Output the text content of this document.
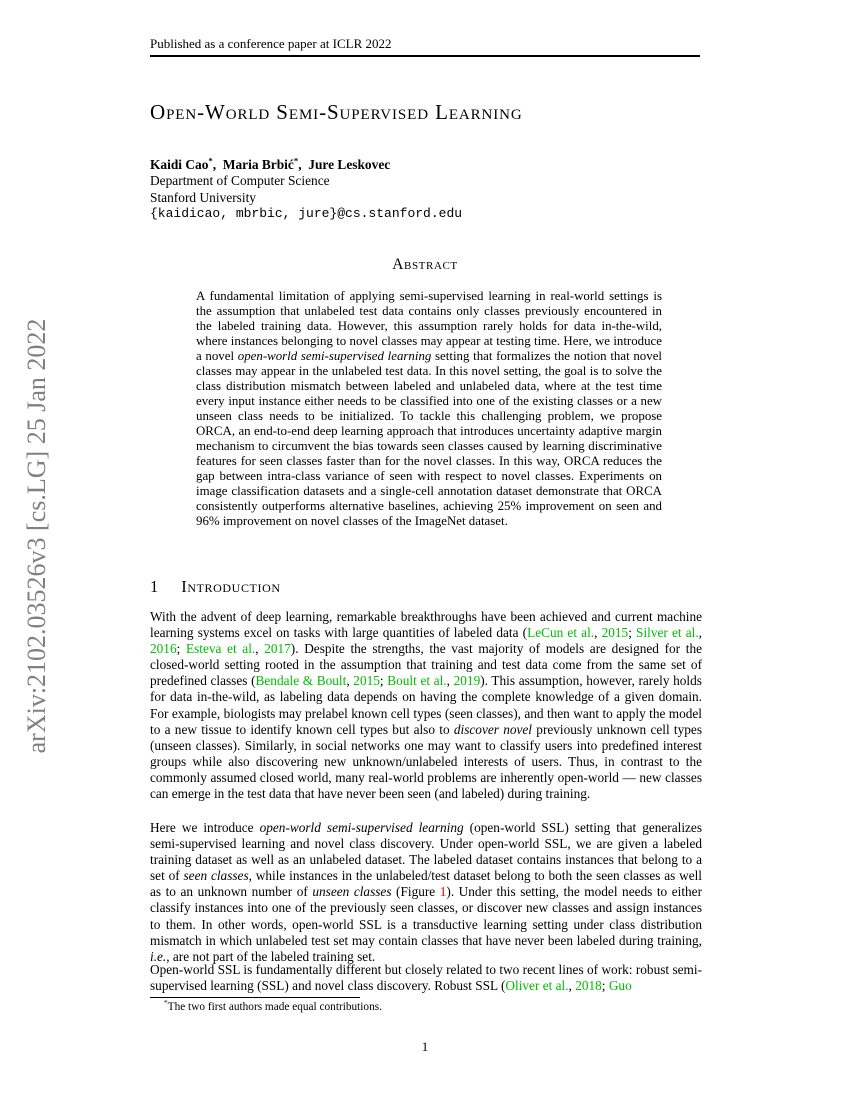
Published as a conference paper at ICLR 2022
Open-World Semi-Supervised Learning
Kaidi Cao*, Maria Brbić*, Jure Leskovec
Department of Computer Science
Stanford University
{kaidicao, mbrbic, jure}@cs.stanford.edu
Abstract
A fundamental limitation of applying semi-supervised learning in real-world settings is the assumption that unlabeled test data contains only classes previously encountered in the labeled training data. However, this assumption rarely holds for data in-the-wild, where instances belonging to novel classes may appear at testing time. Here, we introduce a novel open-world semi-supervised learning setting that formalizes the notion that novel classes may appear in the unlabeled test data. In this novel setting, the goal is to solve the class distribution mismatch between labeled and unlabeled data, where at the test time every input instance either needs to be classified into one of the existing classes or a new unseen class needs to be initialized. To tackle this challenging problem, we propose ORCA, an end-to-end deep learning approach that introduces uncertainty adaptive margin mechanism to circumvent the bias towards seen classes caused by learning discriminative features for seen classes faster than for the novel classes. In this way, ORCA reduces the gap between intra-class variance of seen with respect to novel classes. Experiments on image classification datasets and a single-cell annotation dataset demonstrate that ORCA consistently outperforms alternative baselines, achieving 25% improvement on seen and 96% improvement on novel classes of the ImageNet dataset.
1 Introduction
With the advent of deep learning, remarkable breakthroughs have been achieved and current machine learning systems excel on tasks with large quantities of labeled data (LeCun et al., 2015; Silver et al., 2016; Esteva et al., 2017). Despite the strengths, the vast majority of models are designed for the closed-world setting rooted in the assumption that training and test data come from the same set of predefined classes (Bendale & Boult, 2015; Boult et al., 2019). This assumption, however, rarely holds for data in-the-wild, as labeling data depends on having the complete knowledge of a given domain. For example, biologists may prelabel known cell types (seen classes), and then want to apply the model to a new tissue to identify known cell types but also to discover novel previously unknown cell types (unseen classes). Similarly, in social networks one may want to classify users into predefined interest groups while also discovering new unknown/unlabeled interests of users. Thus, in contrast to the commonly assumed closed world, many real-world problems are inherently open-world — new classes can emerge in the test data that have never been seen (and labeled) during training.
Here we introduce open-world semi-supervised learning (open-world SSL) setting that generalizes semi-supervised learning and novel class discovery. Under open-world SSL, we are given a labeled training dataset as well as an unlabeled dataset. The labeled dataset contains instances that belong to a set of seen classes, while instances in the unlabeled/test dataset belong to both the seen classes as well as to an unknown number of unseen classes (Figure 1). Under this setting, the model needs to either classify instances into one of the previously seen classes, or discover new classes and assign instances to them. In other words, open-world SSL is a transductive learning setting under class distribution mismatch in which unlabeled test set may contain classes that have never been labeled during training, i.e., are not part of the labeled training set.
Open-world SSL is fundamentally different but closely related to two recent lines of work: robust semi-supervised learning (SSL) and novel class discovery. Robust SSL (Oliver et al., 2018; Guo
*The two first authors made equal contributions.
1
arXiv:2102.03526v3 [cs.LG] 25 Jan 2022
